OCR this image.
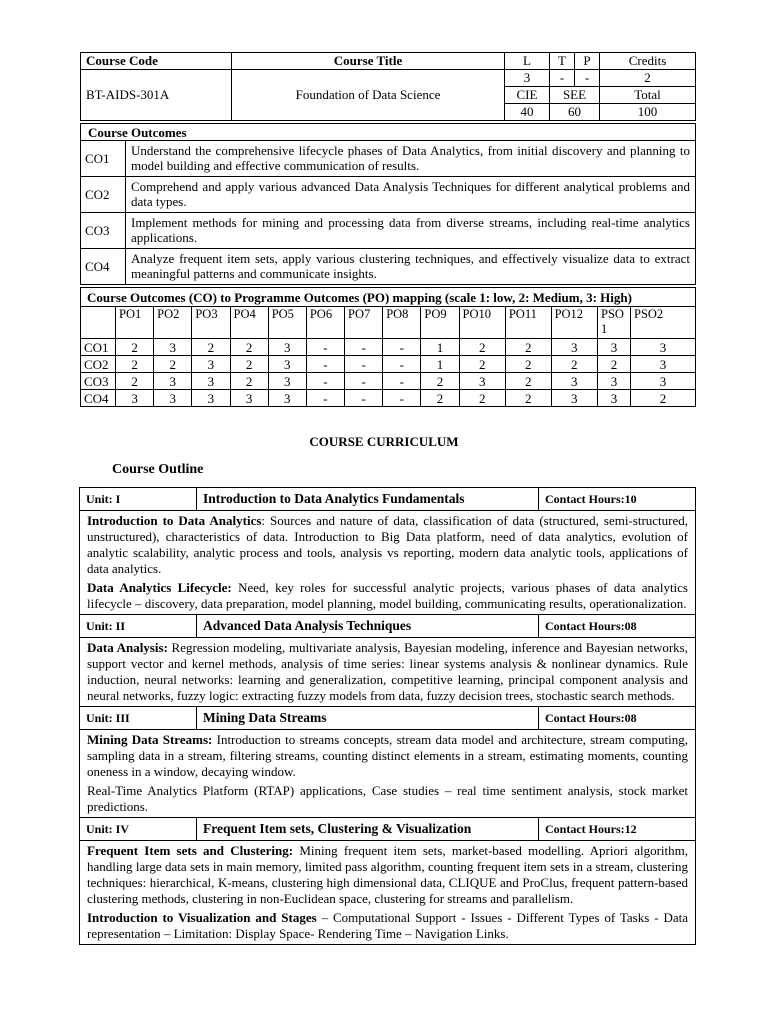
Course Code	Course Title	L	T	P	Credits
BT-AIDS-301A	Foundation of Data Science	3	-	-	2
		CIE	SEE		Total
		40	60		100
Course Outcomes	
CO1	Understand the comprehensive lifecycle phases of Data Analytics, from initial discovery and planning to model building and effective communication of results.
CO2	Comprehend and apply various advanced Data Analysis Techniques for different analytical problems and data types.
CO3	Implement methods for mining and processing data from diverse streams, including real-time analytics applications.
CO4	Analyze frequent item sets, apply various clustering techniques, and effectively visualize data to extract meaningful patterns and communicate insights.
Course Outcomes (CO) to Programme Outcomes (PO) mapping (scale 1: low, 2: Medium, 3: High)														
	PO1	PO2	PO3	PO4	PO5	PO6	PO7	PO8	PO9	PO10	PO11	PO12	PSO 1	PSO2
CO1	2	3	2	2	3	-	-	-	1	2	2	3	3	3
CO2	2	2	3	2	3	-	-	-	1	2	2	2	2	3
CO3	2	3	3	2	3	-	-	-	2	3	2	3	3	3
CO4	3	3	3	3	3	-	-	-	2	2	2	3	3	2
COURSE CURRICULUM
Course Outline
Unit: I	Introduction to Data Analytics Fundamentals	Contact Hours:10

Introduction to Data Analytics: Sources and nature of data, classification of data (structured, semi-structured, unstructured), characteristics of data. Introduction to Big Data platform, need of data analytics, evolution of analytic scalability, analytic process and tools, analysis vs reporting, modern data analytic tools, applications of data analytics.

Data Analytics Lifecycle: Need, key roles for successful analytic projects, various phases of data analytics lifecycle – discovery, data preparation, model planning, model building, communicating results, operationalization.		

Unit: II	Advanced Data Analysis Techniques	Contact Hours:08

Data Analysis: Regression modeling, multivariate analysis, Bayesian modeling, inference and Bayesian networks, support vector and kernel methods, analysis of time series: linear systems analysis & nonlinear dynamics. Rule induction, neural networks: learning and generalization, competitive learning, principal component analysis and neural networks, fuzzy logic: extracting fuzzy models from data, fuzzy decision trees, stochastic search methods.		

Unit: III	Mining Data Streams	Contact Hours:08

Mining Data Streams: Introduction to streams concepts, stream data model and architecture, stream computing, sampling data in a stream, filtering streams, counting distinct elements in a stream, estimating moments, counting oneness in a window, decaying window.

Real-Time Analytics Platform (RTAP) applications, Case studies – real time sentiment analysis, stock market predictions.		

Unit: IV	Frequent Item sets, Clustering & Visualization	Contact Hours:12

Frequent Item sets and Clustering: Mining frequent item sets, market-based modelling. Apriori algorithm, handling large data sets in main memory, limited pass algorithm, counting frequent item sets in a stream, clustering techniques: hierarchical, K-means, clustering high dimensional data, CLIQUE and ProClus, frequent pattern-based clustering methods, clustering in non-Euclidean space, clustering for streams and parallelism.

Introduction to Visualization and Stages – Computational Support - Issues - Different Types of Tasks - Data representation – Limitation: Display Space- Rendering Time – Navigation Links.		
